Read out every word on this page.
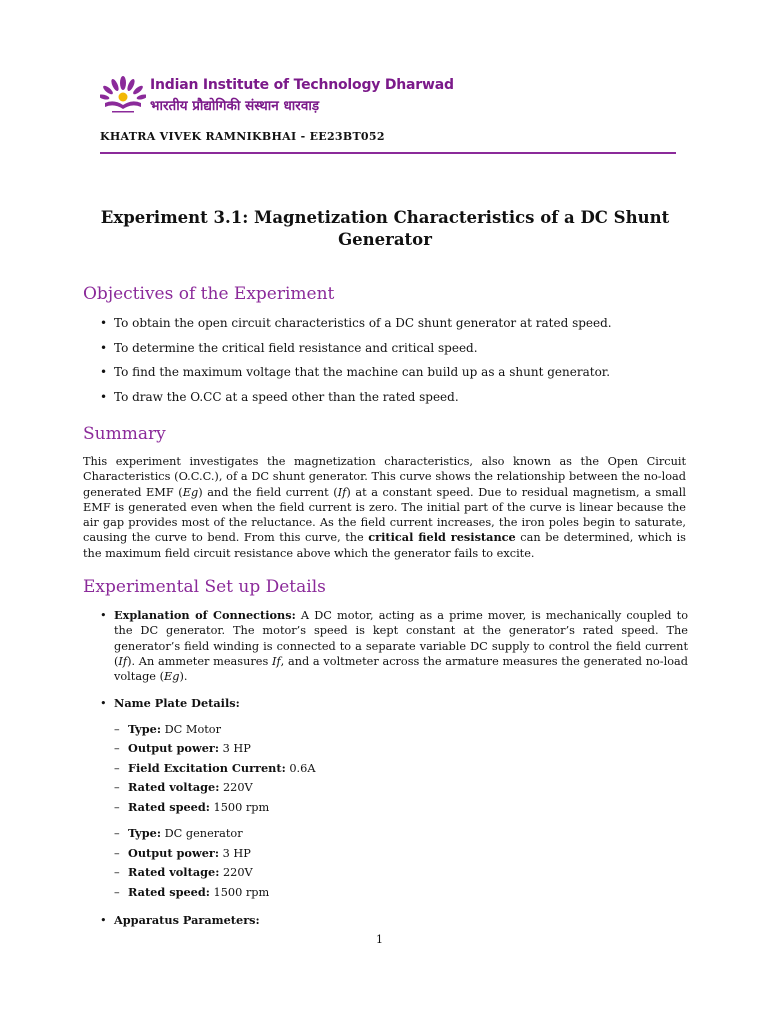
Indian Institute of Technology Dharwad
भारतीय प्रौद्योगिकी संस्थान धारवाड़
KHATRA VIVEK RAMNIKBHAI - EE23BT052
Experiment 3.1: Magnetization Characteristics of a DC Shunt Generator
Objectives of the Experiment
• To obtain the open circuit characteristics of a DC shunt generator at rated speed.
• To determine the critical field resistance and critical speed.
• To find the maximum voltage that the machine can build up as a shunt generator.
• To draw the O.CC at a speed other than the rated speed.
Summary

This experiment investigates the magnetization characteristics, also known as the Open Circuit Characteristics (O.C.C.), of a DC shunt generator. This curve shows the relationship between the no-load generated EMF (Eg) and the field current (If) at a constant speed. Due to residual magnetism, a small EMF is generated even when the field current is zero. The initial part of the curve is linear because the air gap provides most of the reluctance. As the field current increases, the iron poles begin to saturate, causing the curve to bend. From this curve, the critical field resistance can be determined, which is the maximum field circuit resistance above which the generator fails to excite.

Experimental Set up Details
• Explanation of Connections: A DC motor, acting as a prime mover, is mechanically coupled to the DC generator. The motor’s speed is kept constant at the generator’s rated speed. The generator’s field winding is connected to a separate variable DC supply to control the field current (If). An ammeter measures If, and a voltmeter across the armature measures the generated no-load voltage (Eg).
• Name Plate Details:
– Type: DC Motor
– Output power: 3 HP
– Field Excitation Current: 0.6A
– Rated voltage: 220V
– Rated speed: 1500 rpm
– Type: DC generator
– Output power: 3 HP
– Rated voltage: 220V
– Rated speed: 1500 rpm
• Apparatus Parameters:
1
